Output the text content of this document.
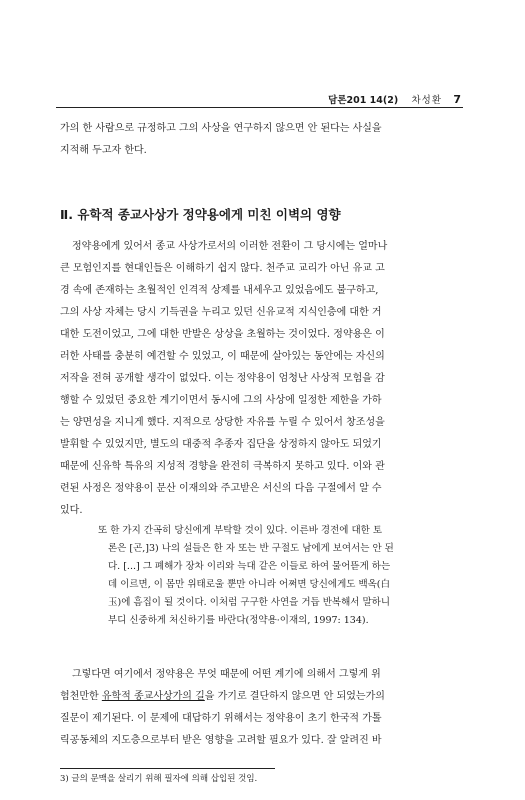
담론201 14(2) 차성환 7
가의 한 사람으로 규정하고 그의 사상을 연구하지 않으면 안 된다는 사실을
지적해 두고자 한다.
Ⅱ. 유학적 종교사상가 정약용에게 미친 이벽의 영향
정약용에게 있어서 종교 사상가로서의 이러한 전환이 그 당시에는 얼마나
큰 모험인지를 현대인들은 이해하기 쉽지 않다. 천주교 교리가 아닌 유교 고
경 속에 존재하는 초월적인 인격적 상제를 내세우고 있었음에도 불구하고,
그의 사상 자체는 당시 기득권을 누리고 있던 신유교적 지식인층에 대한 거
대한 도전이었고, 그에 대한 반발은 상상을 초월하는 것이었다. 정약용은 이
러한 사태를 충분히 예견할 수 있었고, 이 때문에 살아있는 동안에는 자신의
저작을 전혀 공개할 생각이 없었다. 이는 정약용이 엄청난 사상적 모험을 감
행할 수 있었던 중요한 계기이면서 동시에 그의 사상에 일정한 제한을 가하
는 양면성을 지니게 했다. 지적으로 상당한 자유를 누릴 수 있어서 창조성을
발휘할 수 있었지만, 별도의 대중적 추종자 집단을 상정하지 않아도 되었기
때문에 신유학 특유의 지성적 경향을 완전히 극복하지 못하고 있다. 이와 관
련된 사정은 정약용이 문산 이재의와 주고받은 서신의 다음 구절에서 알 수
있다.
또 한 가지 간곡히 당신에게 부탁할 것이 있다. 이른바 경전에 대한 토
론은 [곤,]3) 나의 설들은 한 자 또는 반 구절도 남에게 보여서는 안 된
다. [...] 그 폐해가 장차 이리와 늑대 같은 이들로 하여 물어뜯게 하는
데 이르면, 이 몸만 위태로울 뿐만 아니라 어쩌면 당신에게도 백옥(白
玉)에 흠집이 될 것이다. 이처럼 구구한 사연을 거듭 반복해서 말하니
부디 신중하게 처신하기를 바란다(정약용·이재의, 1997: 134).
그렇다면 여기에서 정약용은 무엇 때문에 어떤 계기에 의해서 그렇게 위
험천만한 유학적 종교사상가의 길을 가기로 결단하지 않으면 안 되었는가의
질문이 제기된다. 이 문제에 대답하기 위해서는 정약용이 초기 한국적 가톨
릭공동체의 지도층으로부터 받은 영향을 고려할 필요가 있다. 잘 알려진 바
3) 글의 문맥을 살리기 위해 필자에 의해 삽입된 것임.
